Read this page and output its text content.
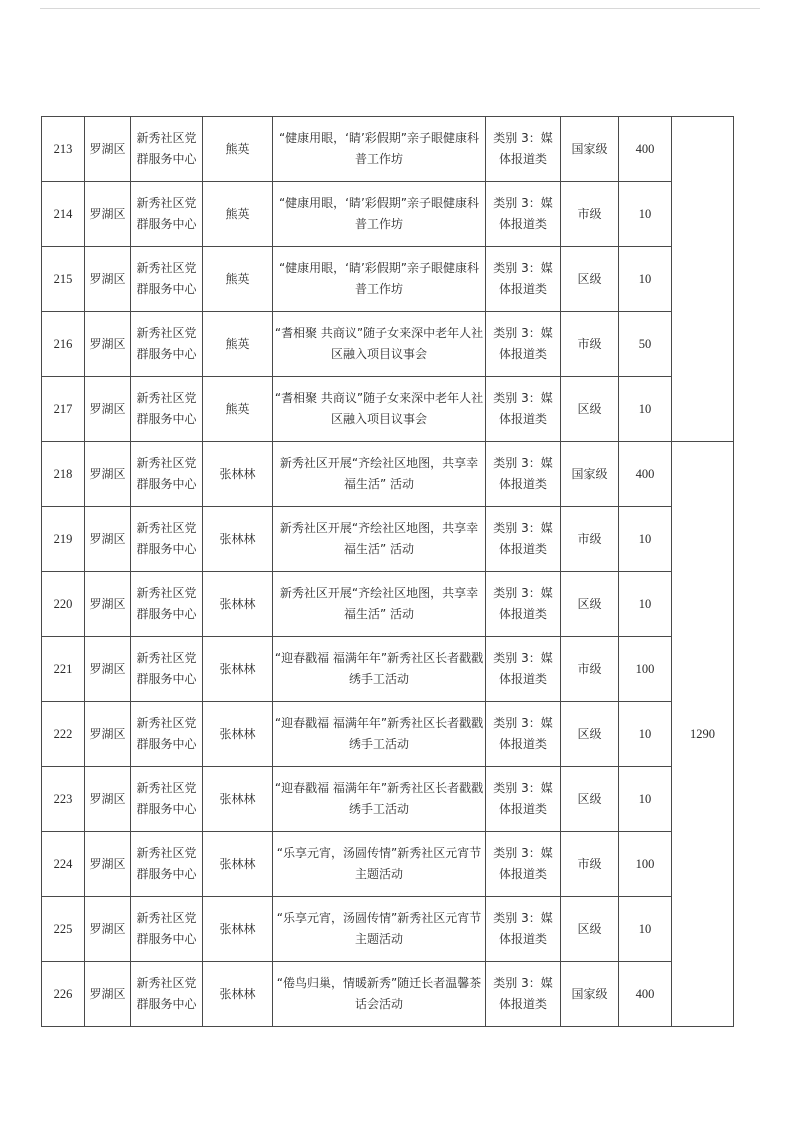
213	罗湖区	新秀社区党群服务中心	熊英	“健康用眼，‘睛’彩假期”亲子眼健康科普工作坊	类别 3：媒体报道类	国家级	400	
214	罗湖区	新秀社区党群服务中心	熊英	“健康用眼，‘睛’彩假期”亲子眼健康科普工作坊	类别 3：媒体报道类	市级	10	
215	罗湖区	新秀社区党群服务中心	熊英	“健康用眼，‘睛’彩假期”亲子眼健康科普工作坊	类别 3：媒体报道类	区级	10	
216	罗湖区	新秀社区党群服务中心	熊英	“耆相聚 共商议”随子女来深中老年人社区融入项目议事会	类别 3：媒体报道类	市级	50	
217	罗湖区	新秀社区党群服务中心	熊英	“耆相聚 共商议”随子女来深中老年人社区融入项目议事会	类别 3：媒体报道类	区级	10	
218	罗湖区	新秀社区党群服务中心	张林林	新秀社区开展“齐绘社区地图，共享幸福生活” 活动	类别 3：媒体报道类	国家级	400	1290
219	罗湖区	新秀社区党群服务中心	张林林	新秀社区开展“齐绘社区地图，共享幸福生活” 活动	类别 3：媒体报道类	市级	10	
220	罗湖区	新秀社区党群服务中心	张林林	新秀社区开展“齐绘社区地图，共享幸福生活” 活动	类别 3：媒体报道类	区级	10	
221	罗湖区	新秀社区党群服务中心	张林林	“迎春戳福 福满年年”新秀社区长者戳戳绣手工活动	类别 3：媒体报道类	市级	100	
222	罗湖区	新秀社区党群服务中心	张林林	“迎春戳福 福满年年”新秀社区长者戳戳绣手工活动	类别 3：媒体报道类	区级	10	
223	罗湖区	新秀社区党群服务中心	张林林	“迎春戳福 福满年年”新秀社区长者戳戳绣手工活动	类别 3：媒体报道类	区级	10	
224	罗湖区	新秀社区党群服务中心	张林林	“乐享元宵，汤圆传情”新秀社区元宵节主题活动	类别 3：媒体报道类	市级	100	
225	罗湖区	新秀社区党群服务中心	张林林	“乐享元宵，汤圆传情”新秀社区元宵节主题活动	类别 3：媒体报道类	区级	10	
226	罗湖区	新秀社区党群服务中心	张林林	“倦鸟归巢，情暖新秀”随迁长者温馨茶话会活动	类别 3：媒体报道类	国家级	400	
